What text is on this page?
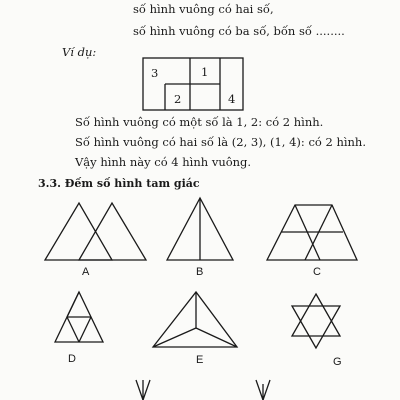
số hình vuông có hai số,
số hình vuông có ba số, bốn số ........
Ví dụ:
3	1
2	4
Số hình vuông có một số là 1, 2: có 2 hình.
Số hình vuông có hai số là (2, 3), (1, 4): có 2 hình.
Vậy hình này có 4 hình vuông.
3.3. Đếm số hình tam giác
A	B	C
D	E	G
